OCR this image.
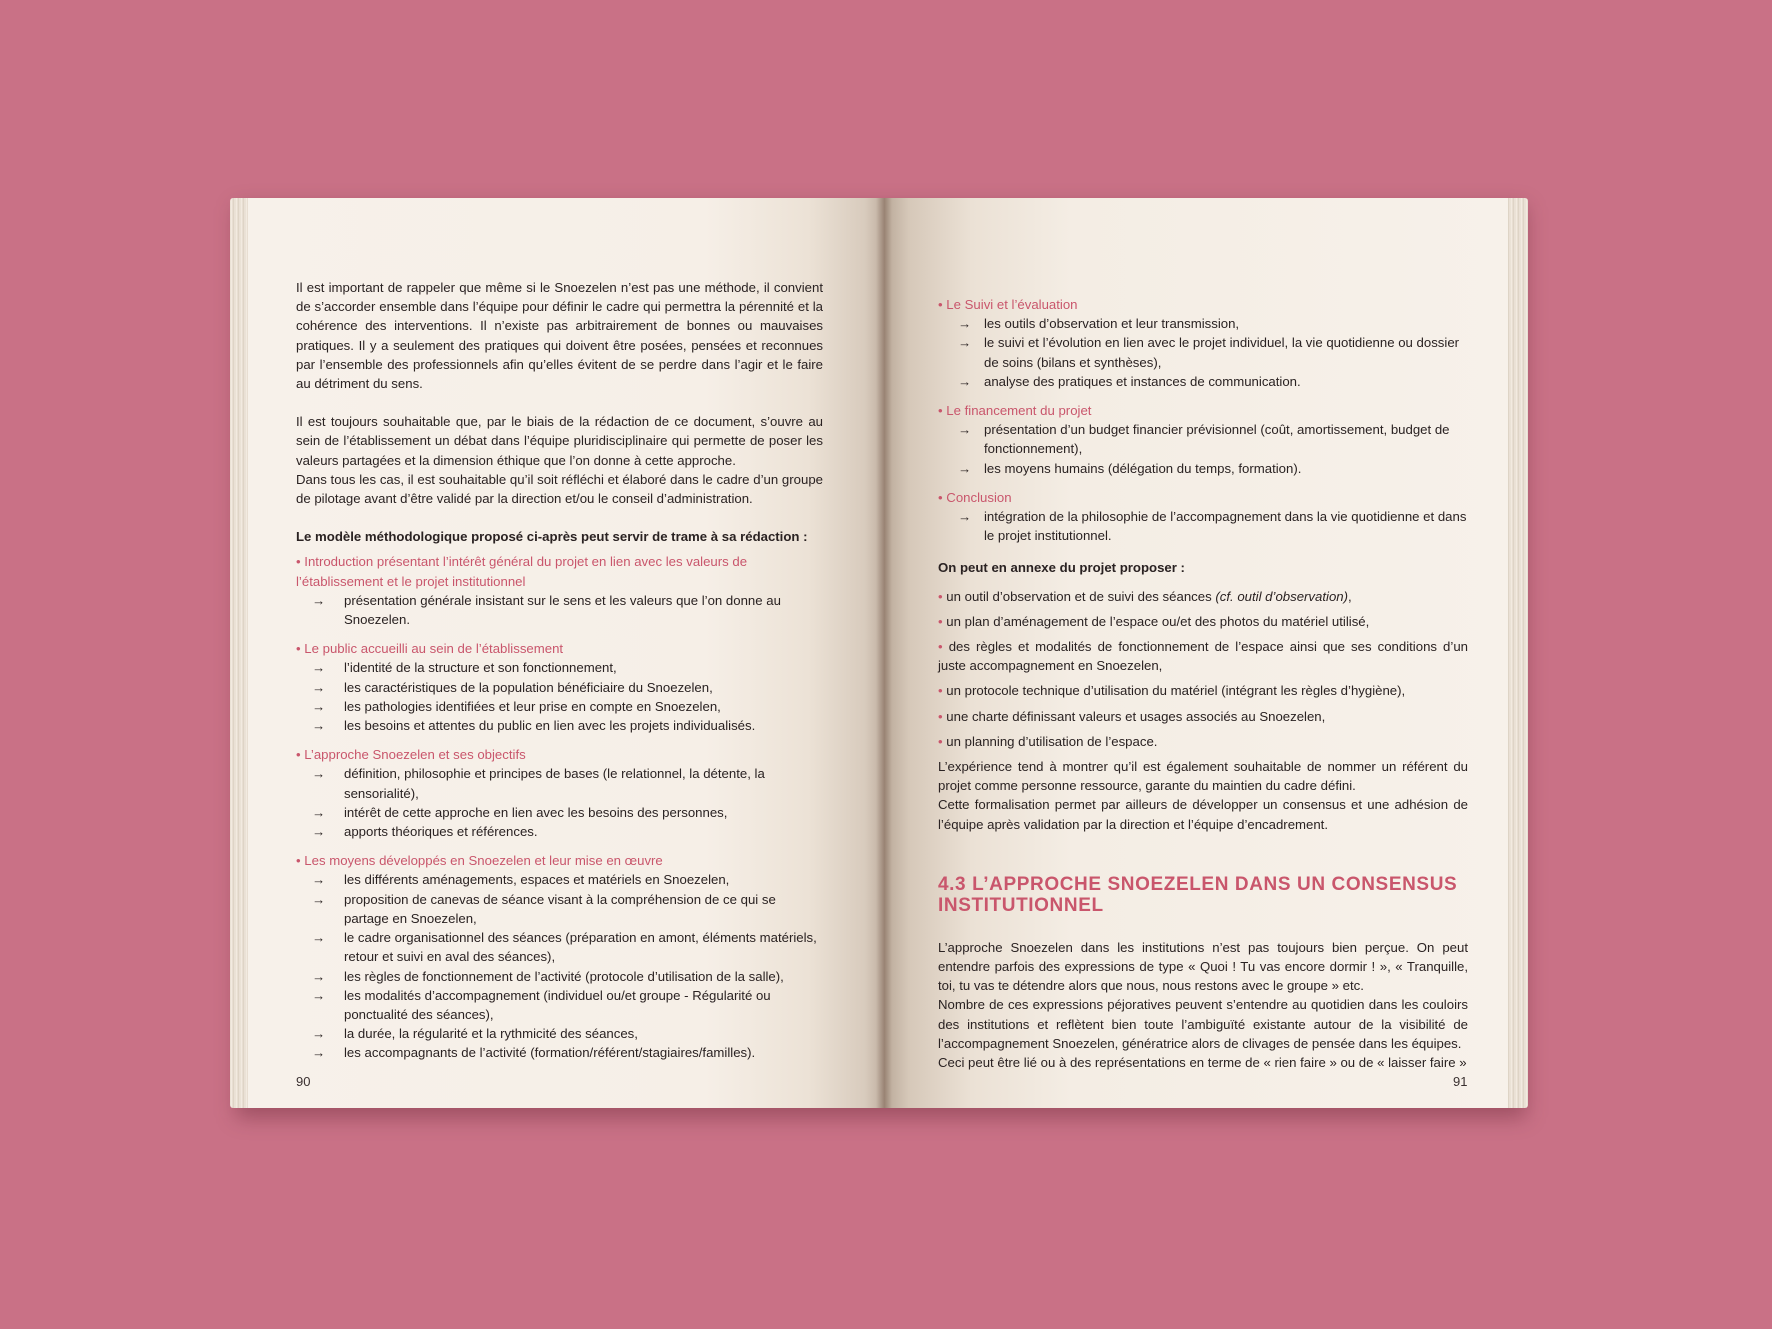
Il est important de rappeler que même si le Snoezelen n’est pas une méthode, il convient de s’accorder ensemble dans l’équipe pour définir le cadre qui permettra la pérennité et la cohérence des interventions. Il n’existe pas arbitrairement de bonnes ou mauvaises pratiques. Il y a seulement des pratiques qui doivent être posées, pensées et reconnues par l’ensemble des professionnels afin qu’elles évitent de se perdre dans l’agir et le faire au détriment du sens.

Il est toujours souhaitable que, par le biais de la rédaction de ce document, s’ouvre au sein de l’établissement un débat dans l’équipe pluridisciplinaire qui permette de poser les valeurs partagées et la dimension éthique que l’on donne à cette approche.

Dans tous les cas, il est souhaitable qu’il soit réfléchi et élaboré dans le cadre d’un groupe de pilotage avant d’être validé par la direction et/ou le conseil d’administration.

Le modèle méthodologique proposé ci-après peut servir de trame à sa rédaction :

• Introduction présentant l’intérêt général du projet en lien avec les valeurs de l’établissement et le projet institutionnel

→ présentation générale insistant sur le sens et les valeurs que l’on donne au Snoezelen.

• Le public accueilli au sein de l’établissement

→ l’identité de la structure et son fonctionnement,
→ les caractéristiques de la population bénéficiaire du Snoezelen,
→ les pathologies identifiées et leur prise en compte en Snoezelen,
→ les besoins et attentes du public en lien avec les projets individualisés.

• L’approche Snoezelen et ses objectifs

→ définition, philosophie et principes de bases (le relationnel, la détente, la sensorialité),
→ intérêt de cette approche en lien avec les besoins des personnes,
→ apports théoriques et références.

• Les moyens développés en Snoezelen et leur mise en œuvre

→ les différents aménagements, espaces et matériels en Snoezelen,
→ proposition de canevas de séance visant à la compréhension de ce qui se partage en Snoezelen,
→ le cadre organisationnel des séances (préparation en amont, éléments matériels, retour et suivi en aval des séances),
→ les règles de fonctionnement de l’activité (protocole d’utilisation de la salle),
→ les modalités d’accompagnement (individuel ou/et groupe - Régularité ou ponctualité des séances),
→ la durée, la régularité et la rythmicité des séances,
→ les accompagnants de l’activité (formation/référent/stagiaires/familles).
90

• Le Suivi et l’évaluation

→ les outils d’observation et leur transmission,
→ le suivi et l’évolution en lien avec le projet individuel, la vie quotidienne ou dossier de soins (bilans et synthèses),
→ analyse des pratiques et instances de communication.

• Le financement du projet

→ présentation d’un budget financier prévisionnel (coût, amortissement, budget de fonctionnement),
→ les moyens humains (délégation du temps, formation).

• Conclusion

→ intégration de la philosophie de l’accompagnement dans la vie quotidienne et dans le projet institutionnel.

On peut en annexe du projet proposer :

• un outil d’observation et de suivi des séances (cf. outil d’observation),
• un plan d’aménagement de l’espace ou/et des photos du matériel utilisé,
• des règles et modalités de fonctionnement de l’espace ainsi que ses conditions d’un juste accompagnement en Snoezelen,
• un protocole technique d’utilisation du matériel (intégrant les règles d’hygiène),
• une charte définissant valeurs et usages associés au Snoezelen,
• un planning d’utilisation de l’espace.

L’expérience tend à montrer qu’il est également souhaitable de nommer un référent du projet comme personne ressource, garante du maintien du cadre défini.

Cette formalisation permet par ailleurs de développer un consensus et une adhésion de l’équipe après validation par la direction et l’équipe d’encadrement.

4.3 L’APPROCHE SNOEZELEN DANS UN CONSENSUS
INSTITUTIONNEL

L’approche Snoezelen dans les institutions n’est pas toujours bien perçue. On peut entendre parfois des expressions de type « Quoi ! Tu vas encore dormir ! », « Tranquille, toi, tu vas te détendre alors que nous, nous restons avec le groupe » etc.

Nombre de ces expressions péjoratives peuvent s’entendre au quotidien dans les couloirs des institutions et reflètent bien toute l’ambiguïté existante autour de la visibilité de l’accompagnement Snoezelen, génératrice alors de clivages de pensée dans les équipes.

Ceci peut être lié ou à des représentations en terme de « rien faire » ou de « laisser faire »

91
